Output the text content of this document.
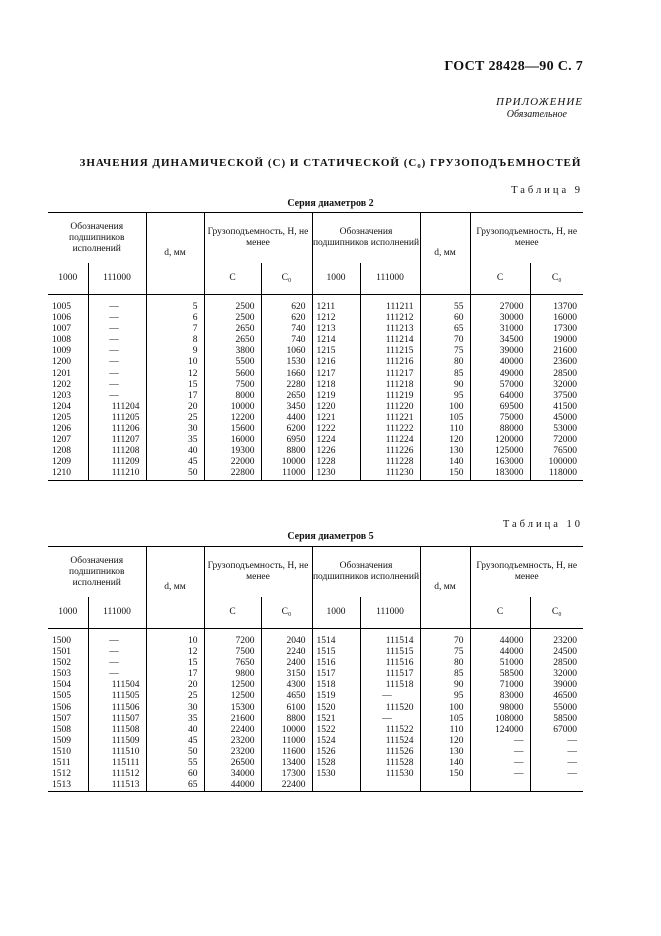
ГОСТ 28428—90 С. 7
ПРИЛОЖЕНИЕ
Обязательное
ЗНАЧЕНИЯ ДИНАМИЧЕСКОЙ (C) И СТАТИЧЕСКОЙ (C₀) ГРУЗОПОДЪЕМНОСТЕЙ
Таблица 9
Серия диаметров 2
Обозначения подшипников исполнений		d, мм	Грузоподъемность, Н, не менее		Обозначения подшипников исполнений		d, мм	Грузоподъемность, Н, не менее	
1000	111000		C	C₀	1000	111000		C	C₀
1005	—	5	2500	620	1211	111211	55	27000	13700
1006	—	6	2500	620	1212	111212	60	30000	16000
1007	—	7	2650	740	1213	111213	65	31000	17300
1008	—	8	2650	740	1214	111214	70	34500	19000
1009	—	9	3800	1060	1215	111215	75	39000	21600
1200	—	10	5500	1530	1216	111216	80	40000	23600
1201	—	12	5600	1660	1217	111217	85	49000	28500
1202	—	15	7500	2280	1218	111218	90	57000	32000
1203	—	17	8000	2650	1219	111219	95	64000	37500
1204	111204	20	10000	3450	1220	111220	100	69500	41500
1205	111205	25	12200	4400	1221	111221	105	75000	45000
1206	111206	30	15600	6200	1222	111222	110	88000	53000
1207	111207	35	16000	6950	1224	111224	120	120000	72000
1208	111208	40	19300	8800	1226	111226	130	125000	76500
1209	111209	45	22000	10000	1228	111228	140	163000	100000
1210	111210	50	22800	11000	1230	111230	150	183000	118000
Таблица 10
Серия диаметров 5
Обозначения подшипников исполнений		d, мм	Грузоподъемность, Н, не менее		Обозначения подшипников исполнений		d, мм	Грузоподъемность, Н, не менее	
1000	111000		C	C₀	1000	111000		C	C₀
1500	—	10	7200	2040	1514	111514	70	44000	23200
1501	—	12	7500	2240	1515	111515	75	44000	24500
1502	—	15	7650	2400	1516	111516	80	51000	28500
1503	—	17	9800	3150	1517	111517	85	58500	32000
1504	111504	20	12500	4300	1518	111518	90	71000	39000
1505	111505	25	12500	4650	1519	—	95	83000	46500
1506	111506	30	15300	6100	1520	111520	100	98000	55000
1507	111507	35	21600	8800	1521	—	105	108000	58500
1508	111508	40	22400	10000	1522	111522	110	124000	67000
1509	111509	45	23200	11000	1524	111524	120	—	—
1510	111510	50	23200	11600	1526	111526	130	—	—
1511	115111	55	26500	13400	1528	111528	140	—	—
1512	111512	60	34000	17300	1530	111530	150	—	—
1513	111513	65	44000	22400					
